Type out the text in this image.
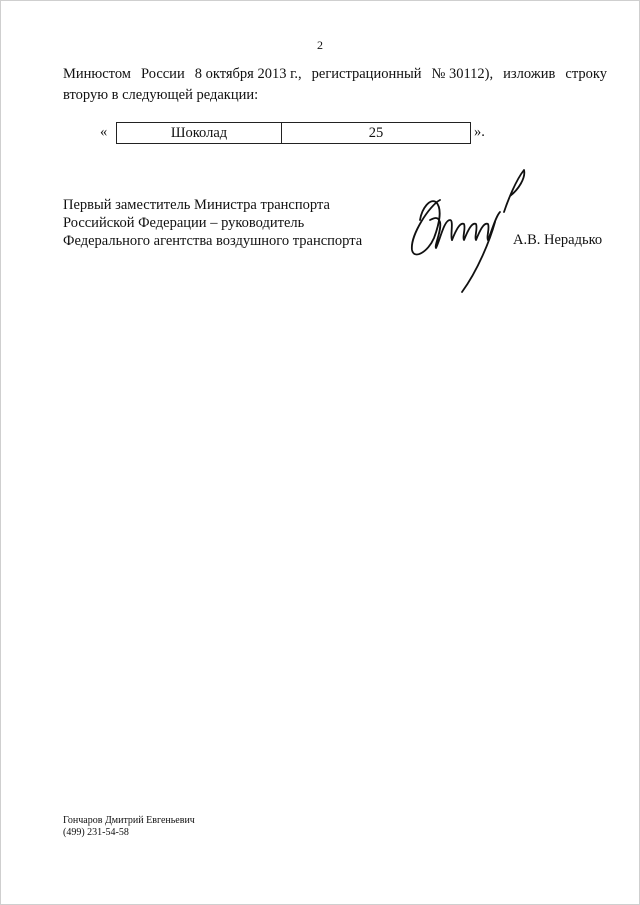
2
Минюстом России 8 октября 2013 г., регистрационный № 30112), изложив строку
вторую в следующей редакции:
«	Шоколад	25	».
Первый заместитель Министра транспорта
Российской Федерации – руководитель
Федерального агентства воздушного транспорта	А.В. Нерадько
Гончаров Дмитрий Евгеньевич
(499) 231-54-58
